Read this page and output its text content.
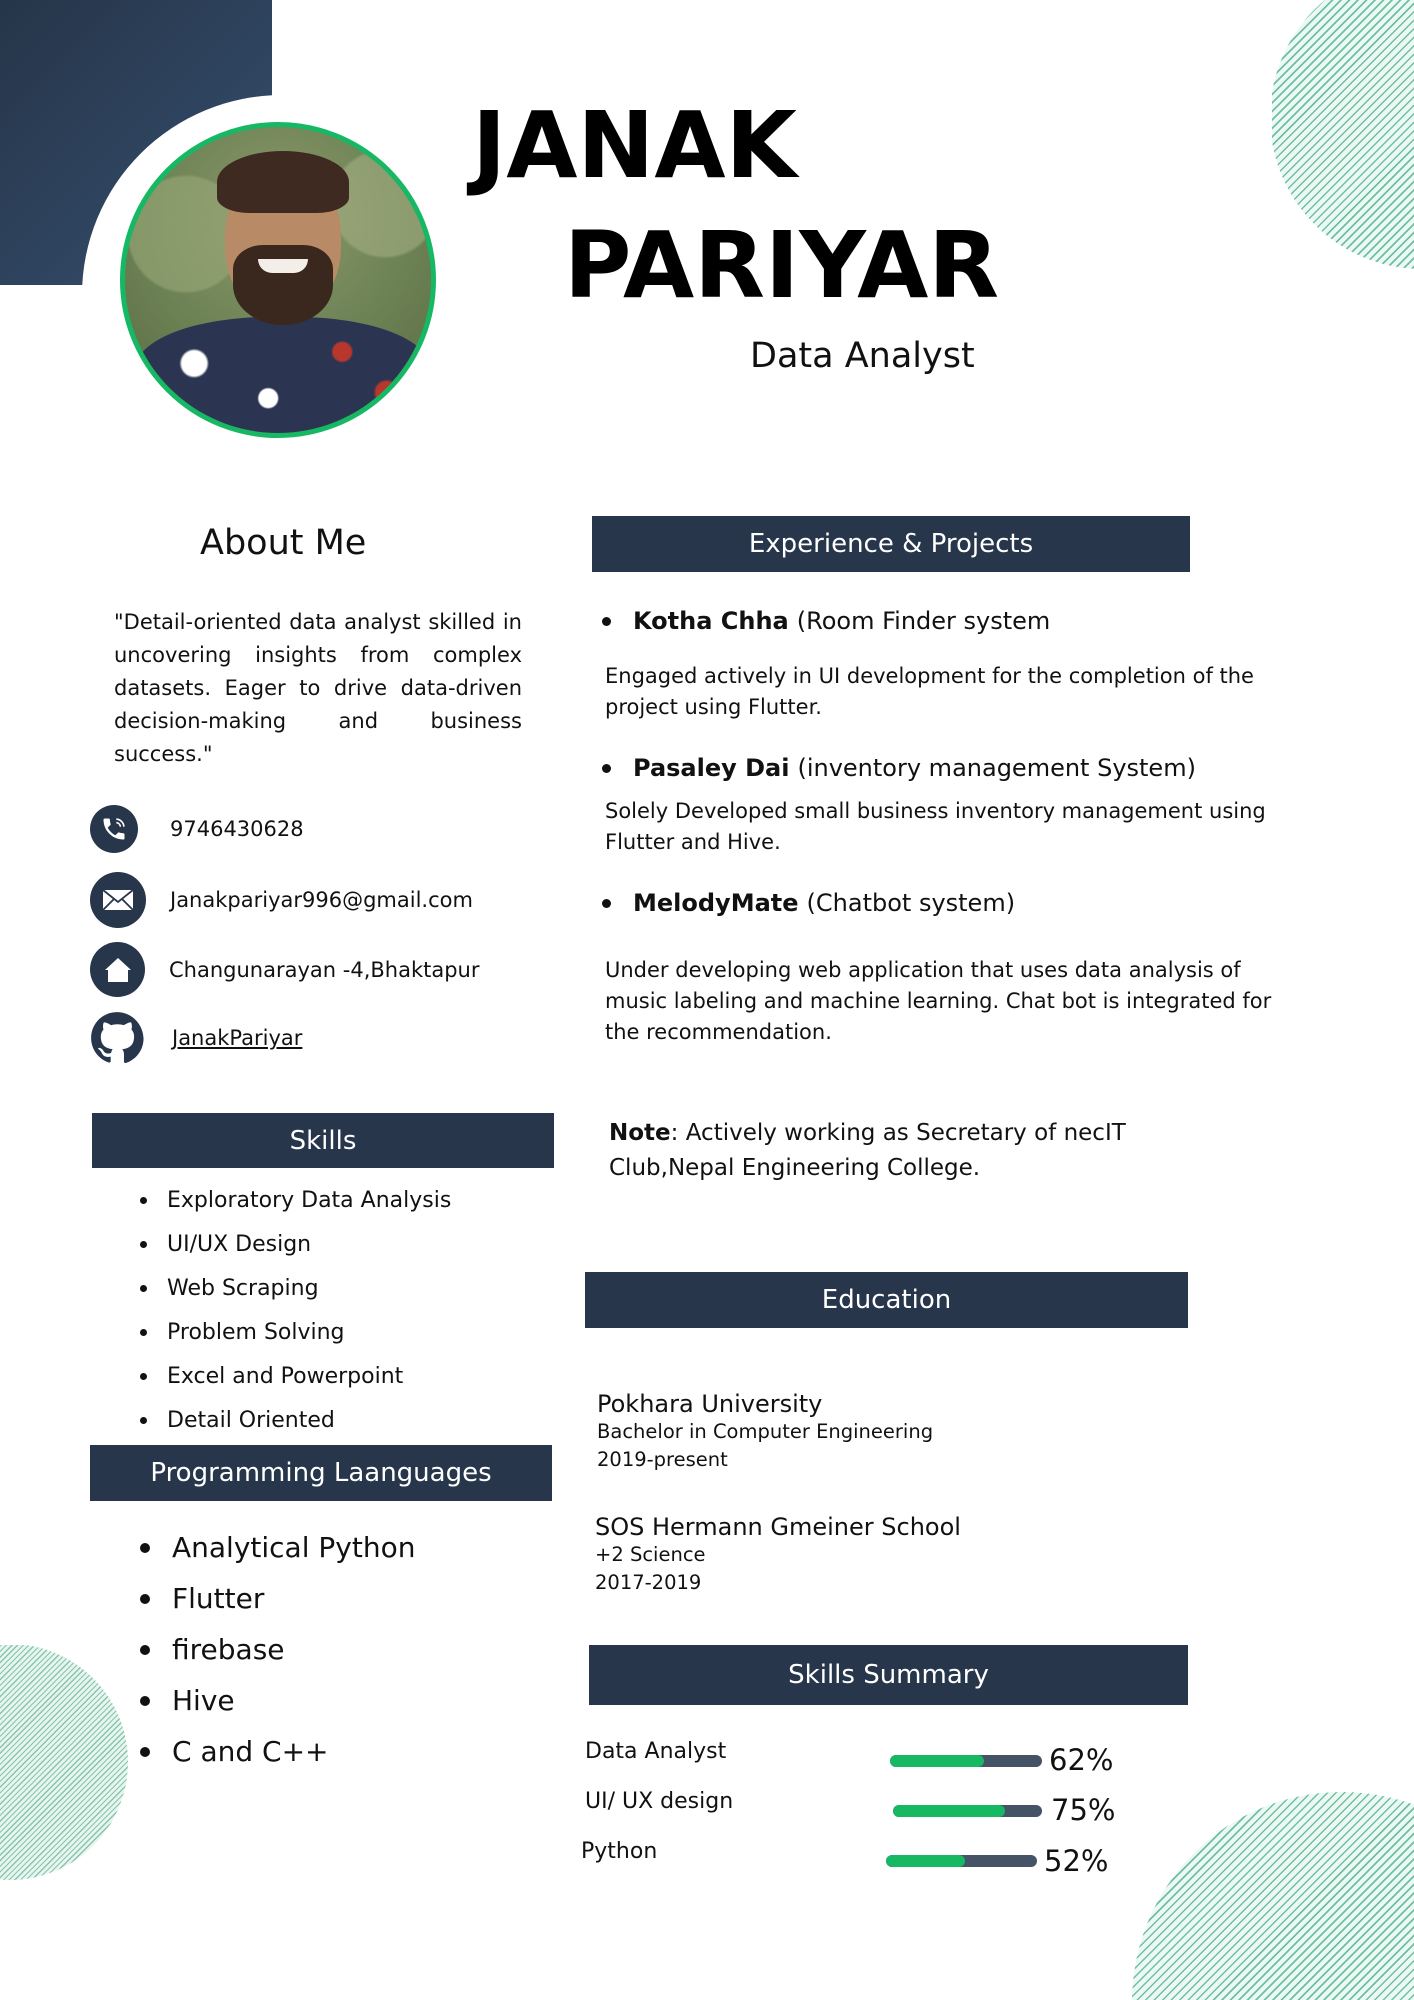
JANAK
PARIYAR
Data Analyst
About Me
"Detail-oriented data analyst skilled in uncovering insights from complex datasets. Eager to drive data-driven decision-making and business success."
9746430628
Janakpariyar996@gmail.com
Changunarayan -4,Bhaktapur
JanakPariyar
Skills
Exploratory Data Analysis
UI/UX Design
Web Scraping
Problem Solving
Excel and Powerpoint
Detail Oriented
Programming Laanguages
Analytical Python
Flutter
firebase
Hive
C and C++
Experience & Projects
Kotha Chha (Room Finder system
Engaged actively in UI development for the completion of the project using Flutter.
Pasaley Dai (inventory management System)
Solely Developed small business inventory management using Flutter and Hive.
MelodyMate (Chatbot system)
Under developing web application that uses data analysis of music labeling and machine learning. Chat bot is integrated for the recommendation.
Note: Actively working as Secretary of necIT Club,Nepal Engineering College.
Education
Pokhara University
Bachelor in Computer Engineering
2019-present
SOS Hermann Gmeiner School
+2 Science
2017-2019
Skills Summary
Data Analyst	62%
UI/ UX design	75%
Python	52%
